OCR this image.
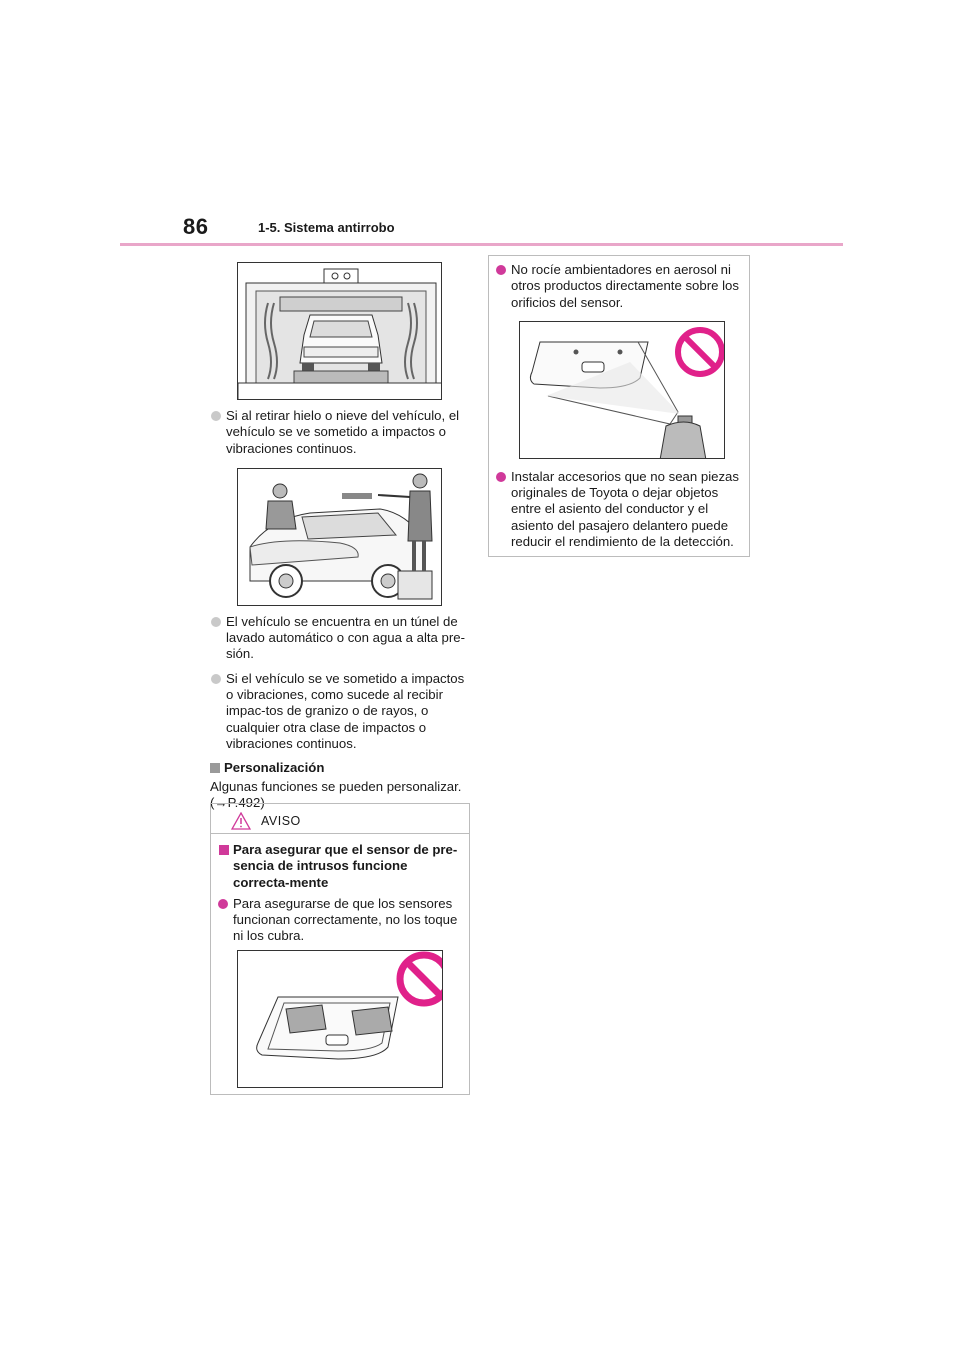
86	1-5. Sistema antirrobo
Si al retirar hielo o nieve del vehículo, el vehículo se ve sometido a impactos o vibraciones continuos.
El vehículo se encuentra en un túnel de lavado automático o con agua a alta pre-sión.
Si el vehículo se ve sometido a impactos o vibraciones, como sucede al recibir impac-tos de granizo o de rayos, o cualquier otra clase de impactos o vibraciones continuos.
Personalización
Algunas funciones se pueden personalizar.
(→P.492)
AVISO
Para asegurar que el sensor de pre-sencia de intrusos funcione correcta-mente
Para asegurarse de que los sensores funcionan correctamente, no los toque ni los cubra.
No rocíe ambientadores en aerosol ni otros productos directamente sobre los orificios del sensor.
Instalar accesorios que no sean piezas originales de Toyota o dejar objetos entre el asiento del conductor y el asiento del pasajero delantero puede reducir el rendimiento de la detección.
